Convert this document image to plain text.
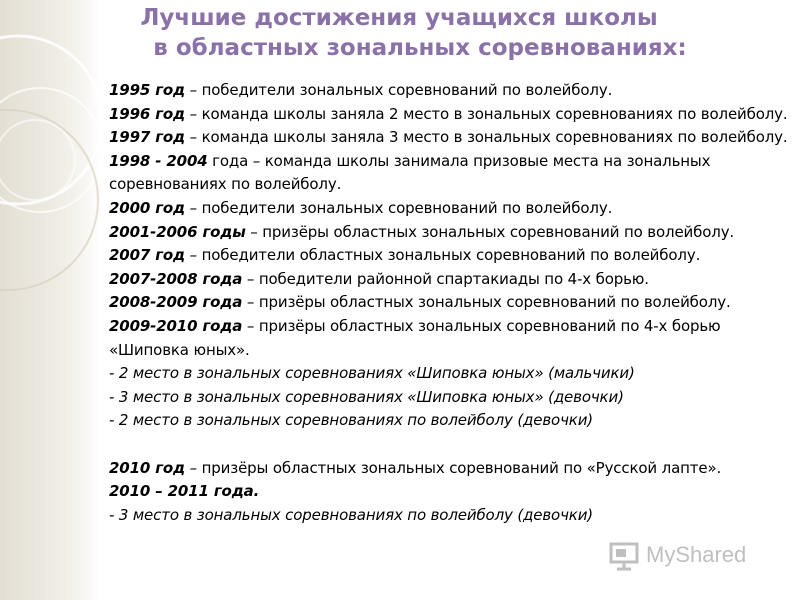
Лучшие достижения учащихся школы
в областных зональных соревнованиях:
1995 год – победители зональных соревнований по волейболу.
1996 год – команда школы заняла 2 место в зональных соревнованиях по волейболу.
1997 год – команда школы заняла 3 место в зональных соревнованиях по волейболу.
1998 - 2004 года – команда школы занимала призовые места на зональных соревнованиях по волейболу.
2000 год – победители зональных соревнований по волейболу.
2001-2006 годы – призёры областных зональных соревнований по волейболу.
2007 год – победители областных зональных соревнований по волейболу.
2007-2008 года – победители районной спартакиады по 4-х борью.
2008-2009 года – призёры областных зональных соревнований по волейболу.
2009-2010 года – призёры областных зональных соревнований по 4-х борью «Шиповка юных».
- 2 место в зональных соревнованиях «Шиповка юных» (мальчики)
- 3 место в зональных соревнованиях «Шиповка юных» (девочки)
- 2 место в зональных соревнованиях по волейболу (девочки)
2010 год – призёры областных зональных соревнований по «Русской лапте».
2010 – 2011 года.
- 3 место в зональных соревнованиях по волейболу (девочки)
MyShared
